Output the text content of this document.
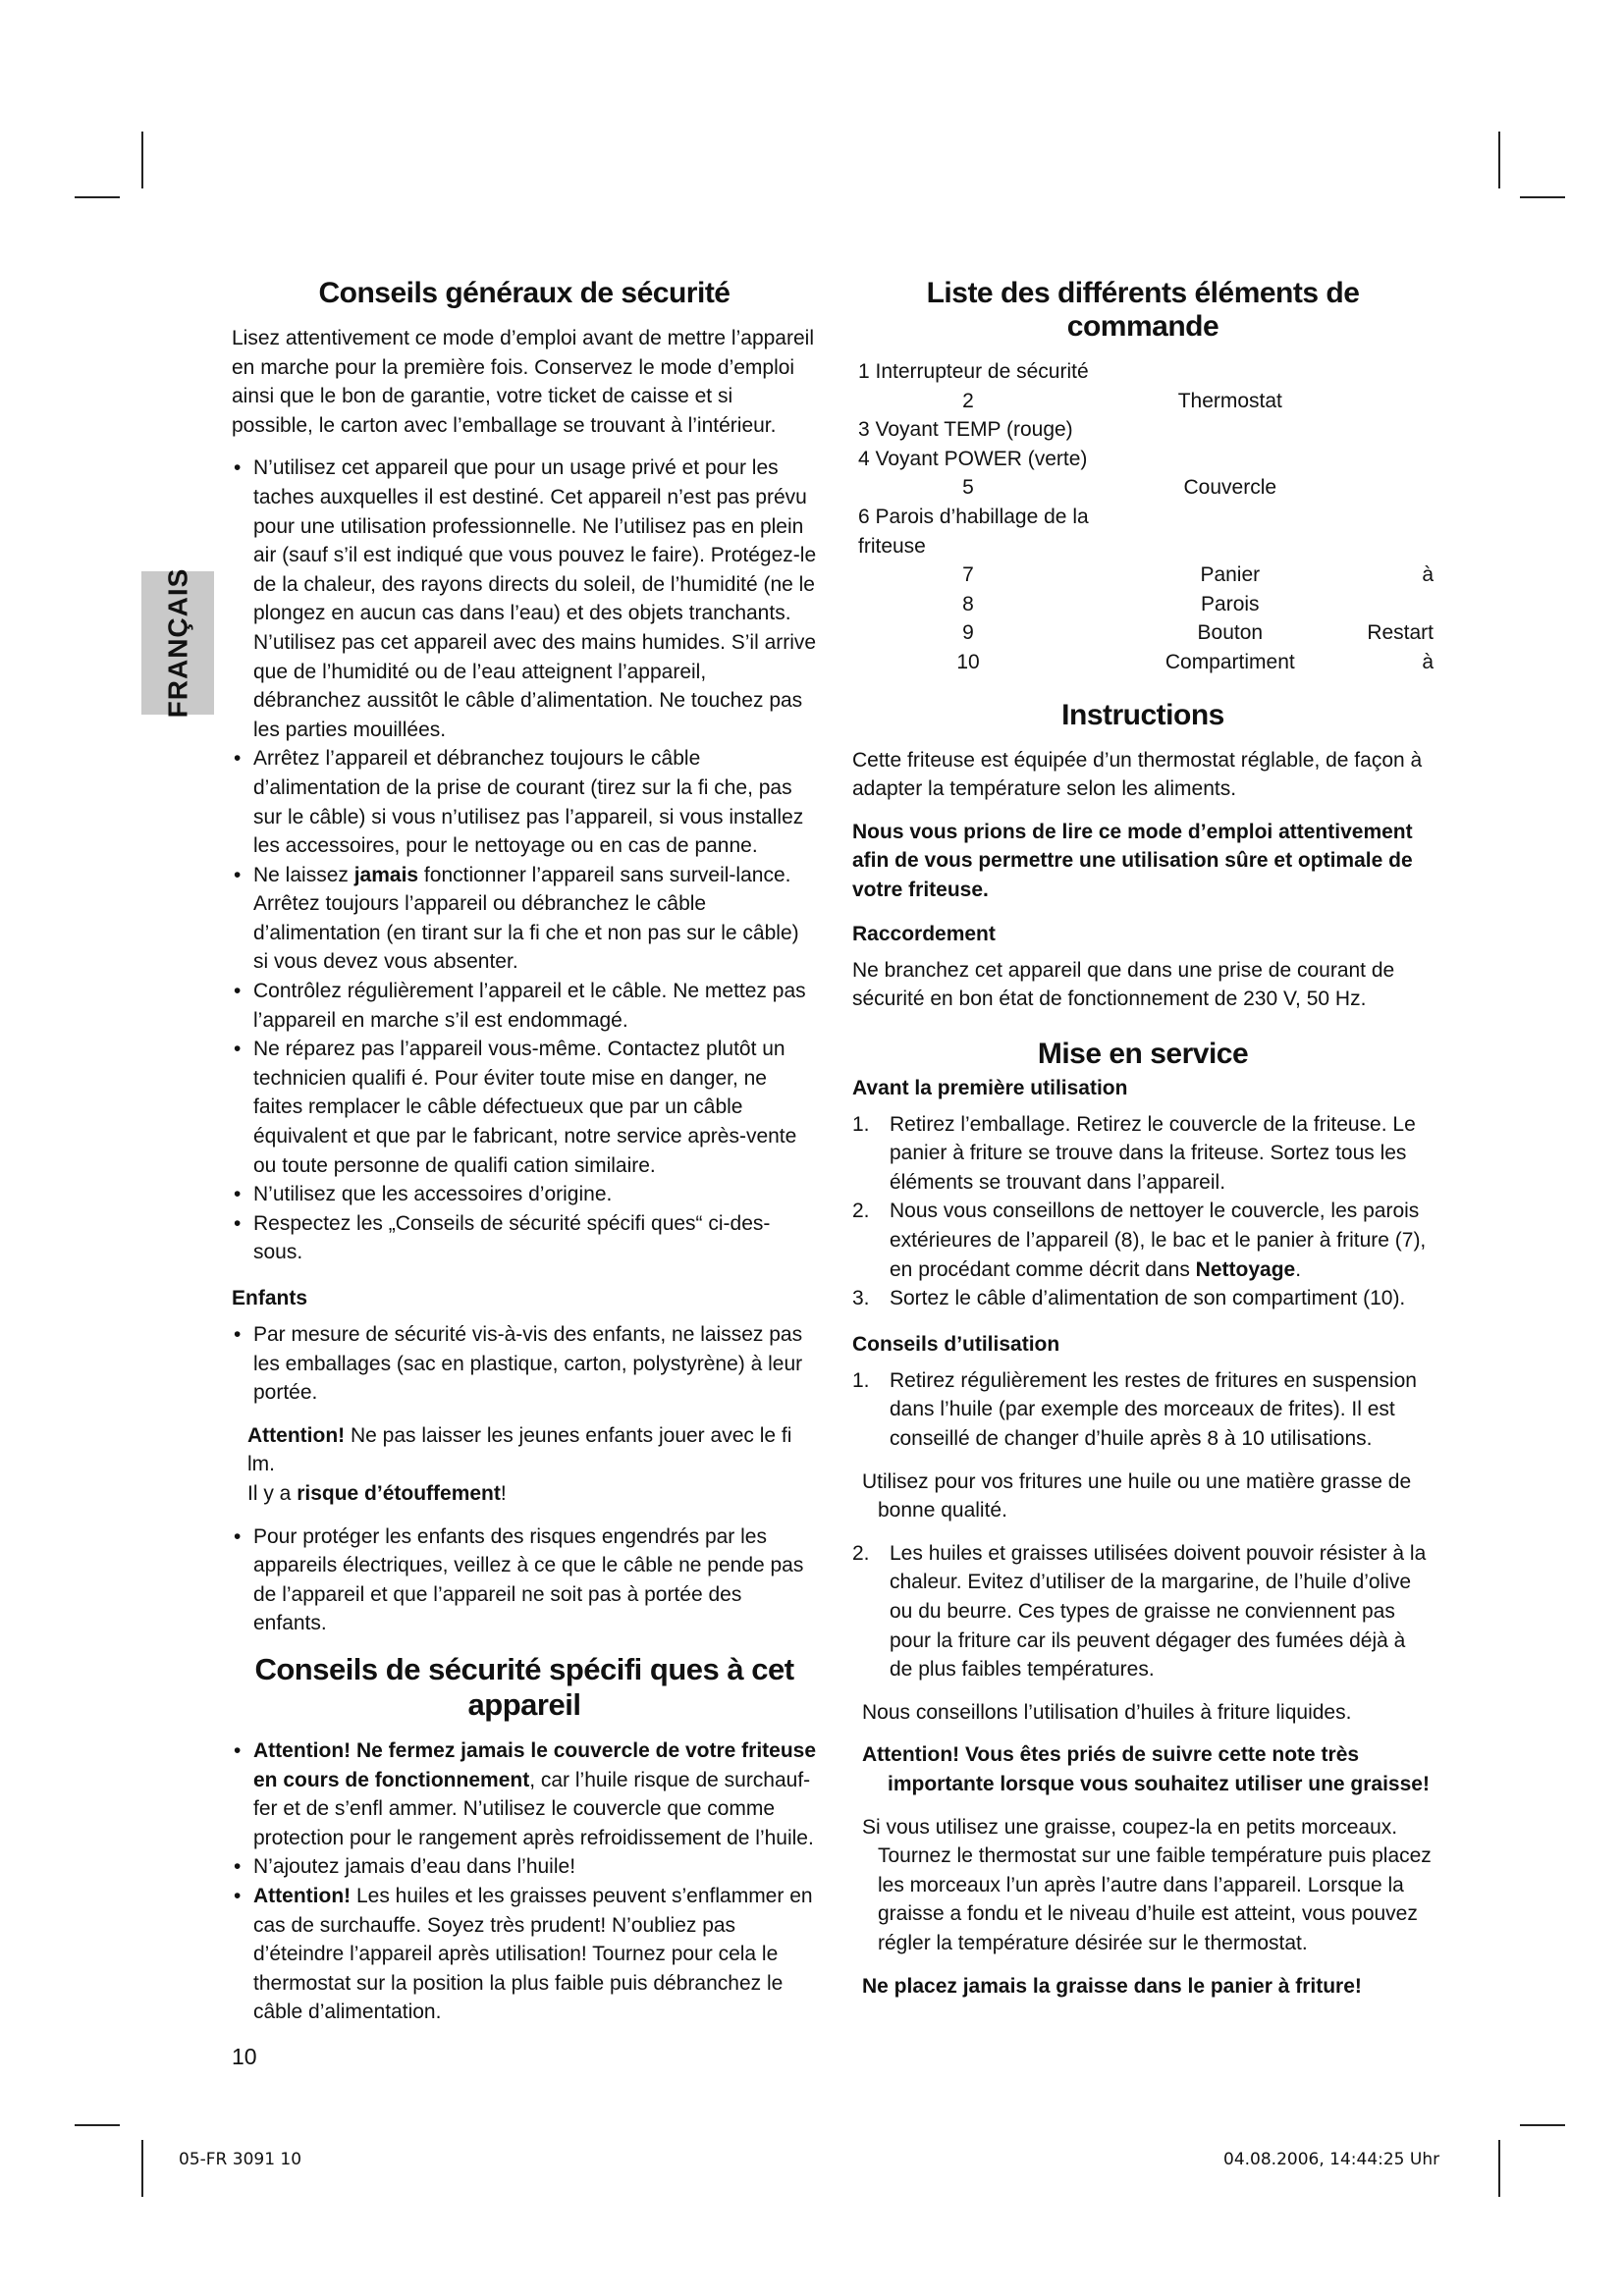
FRANÇAIS
Conseils généraux de sécurité

Lisez attentivement ce mode d’emploi avant de mettre l’appareil en marche pour la première fois. Conservez le mode d’emploi ainsi que le bon de garantie, votre ticket de caisse et si possible, le carton avec l’emballage se trouvant à l’intérieur.

• N’utilisez cet appareil que pour un usage privé et pour les taches auxquelles il est destiné. Cet appareil n’est pas prévu pour une utilisation professionnelle. Ne l’utilisez pas en plein air (sauf s’il est indiqué que vous pouvez le faire). Protégez-le de la chaleur, des rayons directs du soleil, de l’humidité (ne le plongez en aucun cas dans l’eau) et des objets tranchants. N’utilisez pas cet appareil avec des mains humides. S’il arrive que de l’humidité ou de l’eau atteignent l’appareil, débranchez aussitôt le câble d’alimentation. Ne touchez pas les parties mouillées.
• Arrêtez l’appareil et débranchez toujours le câble d’alimentation de la prise de courant (tirez sur la fi che, pas sur le câble) si vous n’utilisez pas l’appareil, si vous installez les accessoires, pour le nettoyage ou en cas de panne.
• Ne laissez jamais fonctionner l’appareil sans surveil-lance. Arrêtez toujours l’appareil ou débranchez le câble d’alimentation (en tirant sur la fi che et non pas sur le câble) si vous devez vous absenter.
• Contrôlez régulièrement l’appareil et le câble. Ne mettez pas l’appareil en marche s’il est endommagé.
• Ne réparez pas l’appareil vous-même. Contactez plutôt un technicien qualifi é. Pour éviter toute mise en danger, ne faites remplacer le câble défectueux que par un câble équivalent et que par le fabricant, notre service après-vente ou toute personne de qualifi cation similaire.
• N’utilisez que les accessoires d’origine.
• Respectez les „Conseils de sécurité spécifi ques“ ci-des-sous.
Enfants
• Par mesure de sécurité vis-à-vis des enfants, ne laissez pas les emballages (sac en plastique, carton, polystyrène) à leur portée.

Attention! Ne pas laisser les jeunes enfants jouer avec le fi lm.
Il y a risque d’étouffement!

• Pour protéger les enfants des risques engendrés par les appareils électriques, veillez à ce que le câble ne pende pas de l’appareil et que l’appareil ne soit pas à portée des enfants.
Conseils de sécurité spécifi ques à cet appareil
• Attention! Ne fermez jamais le couvercle de votre friteuse en cours de fonctionnement, car l’huile risque de surchauf-fer et de s’enfl ammer. N’utilisez le couvercle que comme protection pour le rangement après refroidissement de l’huile.
• N’ajoutez jamais d’eau dans l’huile!
• Attention! Les huiles et les graisses peuvent s’enflammer en cas de surchauffe. Soyez très prudent! N’oubliez pas d’éteindre l’appareil après utilisation! Tournez pour cela le thermostat sur la position la plus faible puis débranchez le câble d’alimentation.
Liste des différents éléments de commande
1 Interrupteur de sécurité		
2	Thermostat	
3 Voyant TEMP (rouge)		
4 Voyant POWER (verte)		
5	Couvercle	
6 Parois d’habillage de la friteuse		
7	Panier	à
8	Parois	
9	Bouton	Restart
10	Compartiment	à
Instructions

Cette friteuse est équipée d’un thermostat réglable, de façon à adapter la température selon les aliments.

Nous vous prions de lire ce mode d’emploi attentivement afin de vous permettre une utilisation sûre et optimale de votre friteuse.

Raccordement

Ne branchez cet appareil que dans une prise de courant de sécurité en bon état de fonctionnement de 230 V, 50 Hz.

Mise en service
Avant la première utilisation
1. Retirez l’emballage. Retirez le couvercle de la friteuse. Le panier à friture se trouve dans la friteuse. Sortez tous les éléments se trouvant dans l’appareil.
2. Nous vous conseillons de nettoyer le couvercle, les parois extérieures de l’appareil (8), le bac et le panier à friture (7), en procédant comme décrit dans Nettoyage.
3. Sortez le câble d’alimentation de son compartiment (10).
Conseils d’utilisation
1. Retirez régulièrement les restes de fritures en suspension dans l’huile (par exemple des morceaux de frites). Il est conseillé de changer d’huile après 8 à 10 utilisations.

Utilisez pour vos fritures une huile ou une matière grasse de bonne qualité.

2. Les huiles et graisses utilisées doivent pouvoir résister à la chaleur. Evitez d’utiliser de la margarine, de l’huile d’olive ou du beurre. Ces types de graisse ne conviennent pas pour la friture car ils peuvent dégager des fumées déjà à de plus faibles températures.

Nous conseillons l’utilisation d’huiles à friture liquides.

Attention! Vous êtes priés de suivre cette note très
importante lorsque vous souhaitez utiliser une graisse!

Si vous utilisez une graisse, coupez-la en petits morceaux. Tournez le thermostat sur une faible température puis placez les morceaux l’un après l’autre dans l’appareil. Lorsque la graisse a fondu et le niveau d’huile est atteint, vous pouvez régler la température désirée sur le thermostat.

Ne placez jamais la graisse dans le panier à friture!

10
05-FR 3091 10	04.08.2006, 14:44:25 Uhr
